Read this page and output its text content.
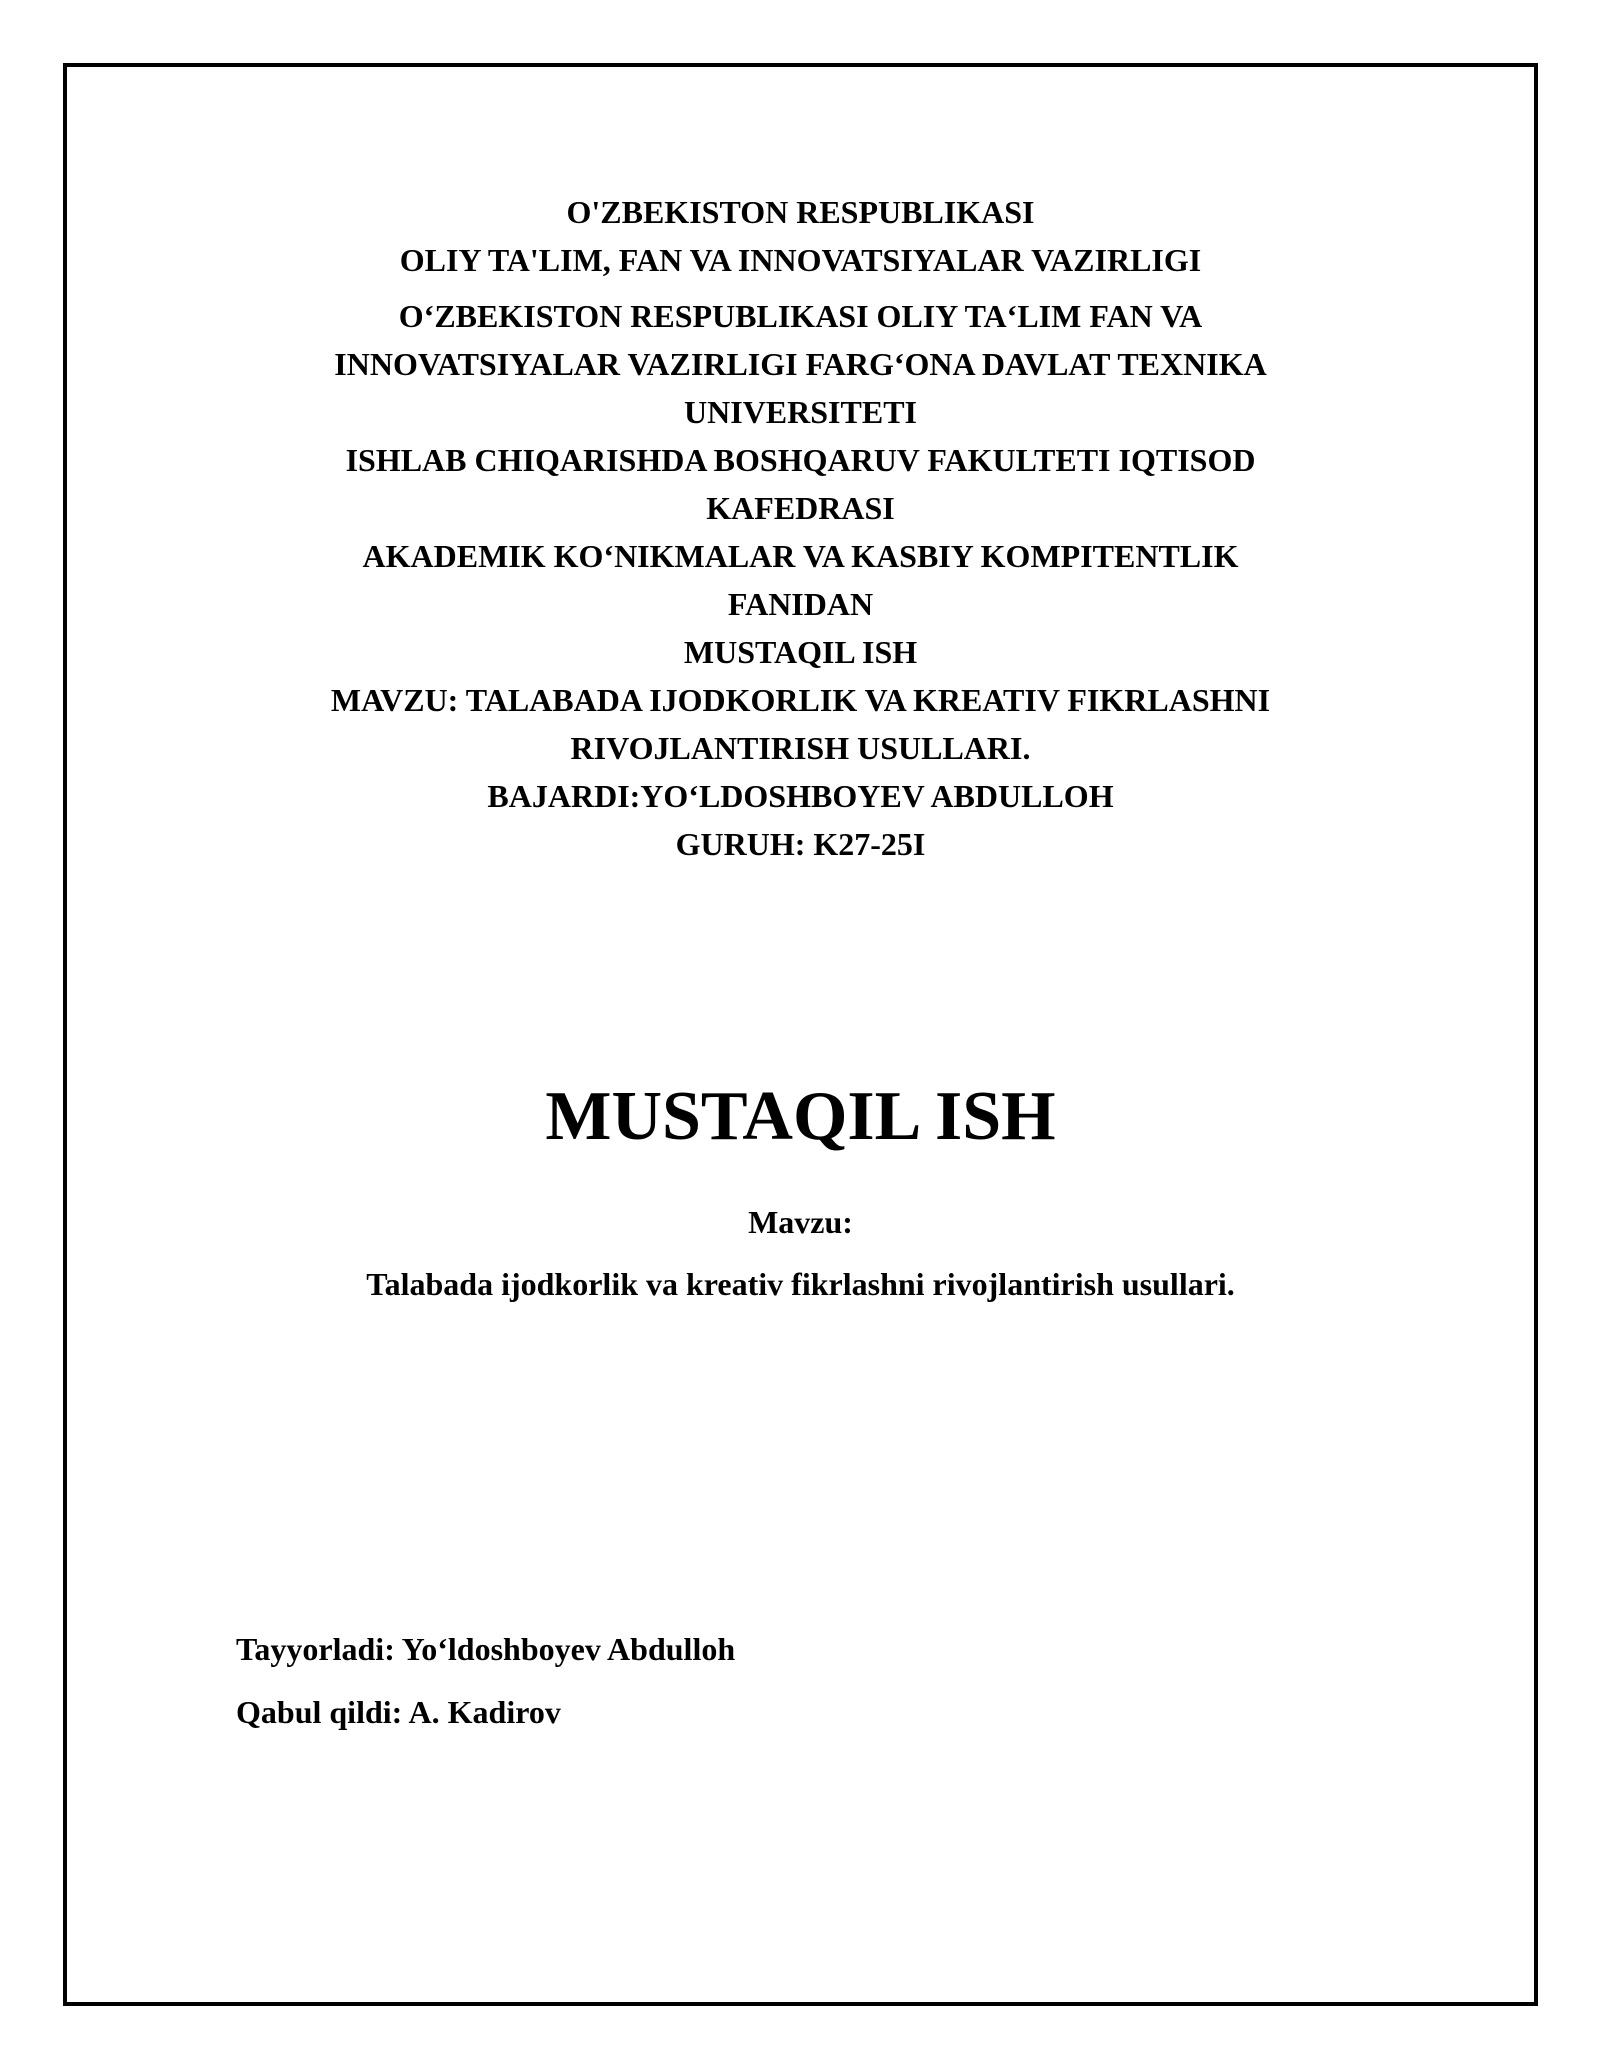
O'ZBEKISTON RESPUBLIKASI
OLIY TA'LIM, FAN VA INNOVATSIYALAR VAZIRLIGI
O‘ZBEKISTON RESPUBLIKASI OLIY TA‘LIM FAN VA
INNOVATSIYALAR VAZIRLIGI FARG‘ONA DAVLAT TEXNIKA
UNIVERSITETI
ISHLAB CHIQARISHDA BOSHQARUV FAKULTETI IQTISOD
KAFEDRASI
AKADEMIK KO‘NIKMALAR VA KASBIY KOMPITENTLIK
FANIDAN
MUSTAQIL ISH
MAVZU: TALABADA IJODKORLIK VA KREATIV FIKRLASHNI
RIVOJLANTIRISH USULLARI.
BAJARDI:YO‘LDOSHBOYEV ABDULLOH
GURUH: K27-25I
MUSTAQIL ISH
Mavzu:
Talabada ijodkorlik va kreativ fikrlashni rivojlantirish usullari.
Tayyorladi: Yo‘ldoshboyev Abdulloh
Qabul qildi: A. Kadirov
